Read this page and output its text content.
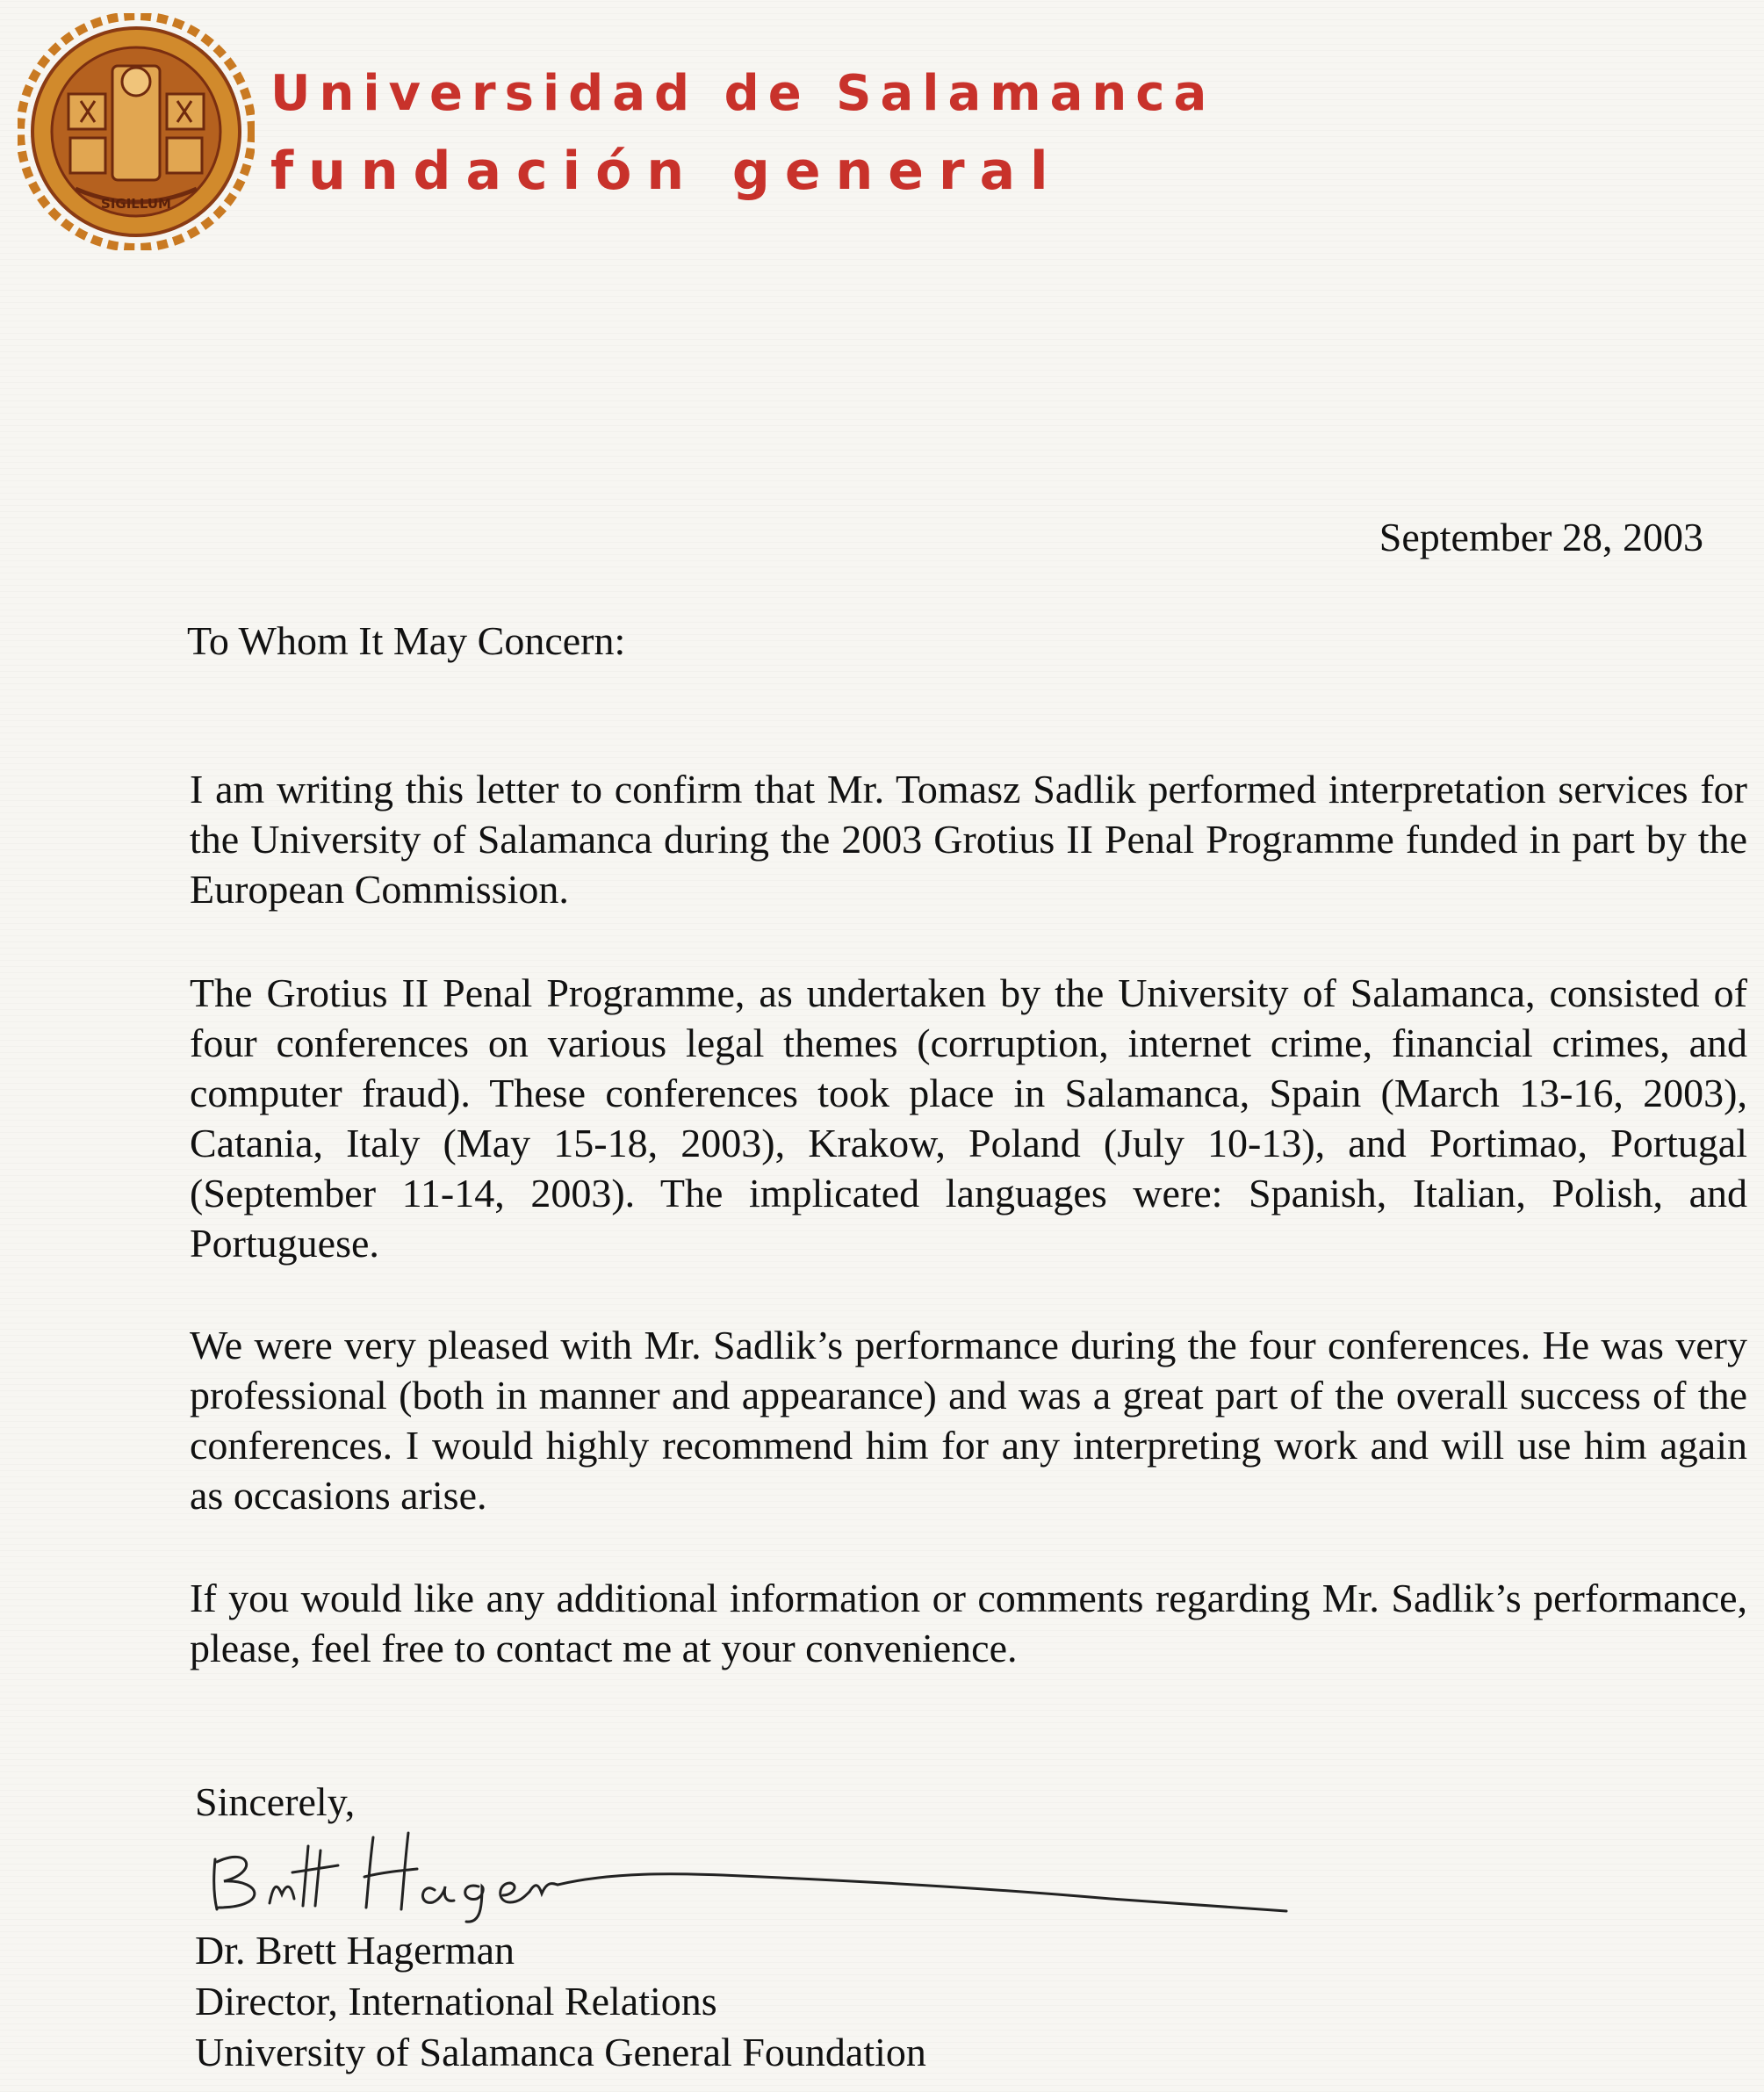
SIGILLUM
Universidad de Salamanca
fundación general
September 28, 2003
To Whom It May Concern:

I am writing this letter to confirm that Mr. Tomasz Sadlik performed interpretation services for the University of Salamanca during the 2003 Grotius II Penal Programme funded in part by the European Commission.

The Grotius II Penal Programme, as undertaken by the University of Salamanca, consisted of four conferences on various legal themes (corruption, internet crime, financial crimes, and computer fraud). These conferences took place in Salamanca, Spain (March 13-16, 2003), Catania, Italy (May 15-18, 2003), Krakow, Poland (July 10-13), and Portimao, Portugal (September 11-14, 2003). The implicated languages were: Spanish, Italian, Polish, and Portuguese.

We were very pleased with Mr. Sadlik’s performance during the four conferences. He was very professional (both in manner and appearance) and was a great part of the overall success of the conferences. I would highly recommend him for any interpreting work and will use him again as occasions arise.

If you would like any additional information or comments regarding Mr. Sadlik’s performance, please, feel free to contact me at your convenience.

Sincerely,
Dr. Brett Hagerman
Director, International Relations
University of Salamanca General Foundation
